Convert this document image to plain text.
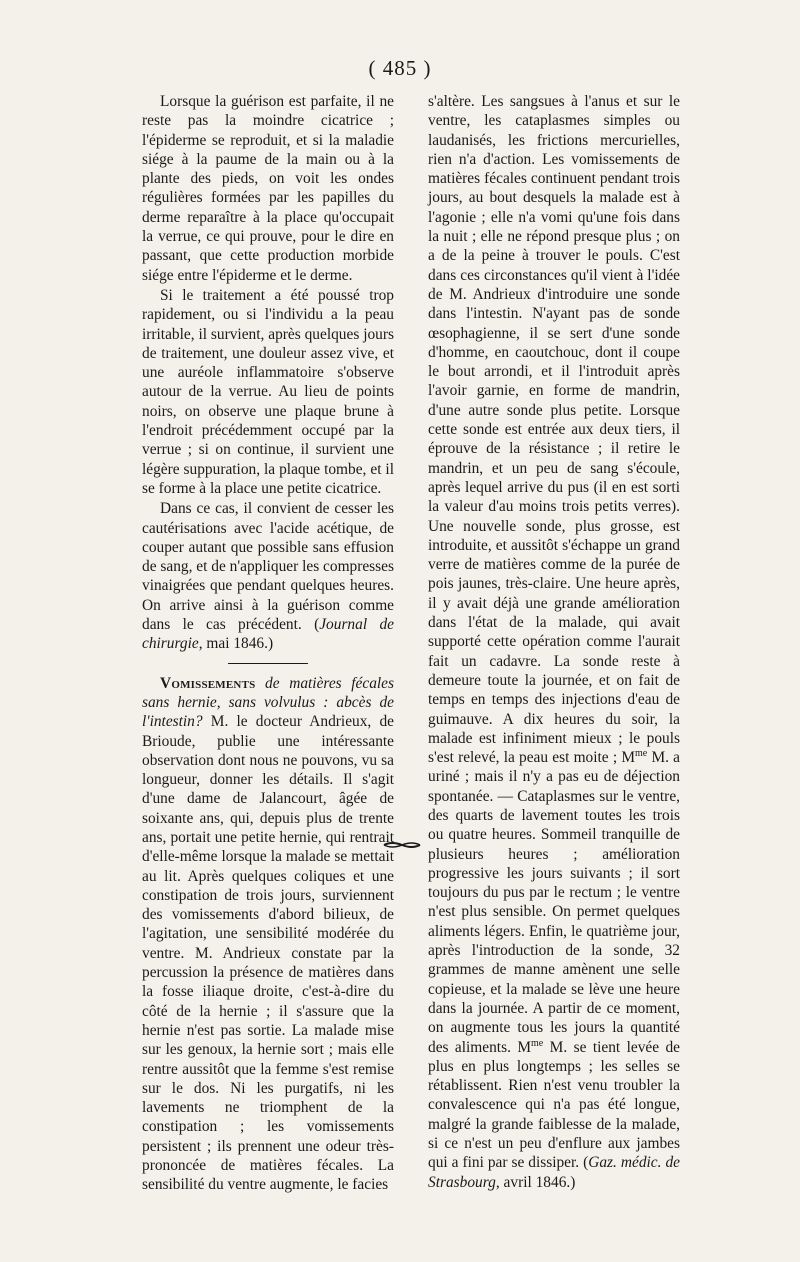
( 485 )

Lorsque la guérison est parfaite, il ne reste pas la moindre cicatrice ; l'épiderme se reproduit, et si la maladie siége à la paume de la main ou à la plante des pieds, on voit les ondes régulières formées par les papilles du derme reparaître à la place qu'occupait la verrue, ce qui prouve, pour le dire en passant, que cette production morbide siége entre l'épiderme et le derme.

Si le traitement a été poussé trop rapidement, ou si l'individu a la peau irritable, il survient, après quelques jours de traitement, une douleur assez vive, et une auréole inflammatoire s'observe autour de la verrue. Au lieu de points noirs, on observe une plaque brune à l'endroit précédemment occupé par la verrue ; si on continue, il survient une légère suppuration, la plaque tombe, et il se forme à la place une petite cicatrice.

Dans ce cas, il convient de cesser les cautérisations avec l'acide acétique, de couper autant que possible sans effusion de sang, et de n'appliquer les compresses vinaigrées que pendant quelques heures. On arrive ainsi à la guérison comme dans le cas précédent. (Journal de chirurgie, mai 1846.)

Vomissements de matières fécales sans hernie, sans volvulus : abcès de l'intestin? M. le docteur Andrieux, de Brioude, publie une intéressante observation dont nous ne pouvons, vu sa longueur, donner les détails. Il s'agit d'une dame de Jalancourt, âgée de soixante ans, qui, depuis plus de trente ans, portait une petite hernie, qui rentrait d'elle-même lorsque la malade se mettait au lit. Après quelques coliques et une constipation de trois jours, surviennent des vomissements d'abord bilieux, de l'agitation, une sensibilité modérée du ventre. M. Andrieux constate par la percussion la présence de matières dans la fosse iliaque droite, c'est-à-dire du côté de la hernie ; il s'assure que la hernie n'est pas sortie. La malade mise sur les genoux, la hernie sort ; mais elle rentre aussitôt que la femme s'est remise sur le dos. Ni les purgatifs, ni les lavements ne triomphent de la constipation ; les vomissements persistent ; ils prennent une odeur très-prononcée de matières fécales. La sensibilité du ventre augmente, le facies

s'altère. Les sangsues à l'anus et sur le ventre, les cataplasmes simples ou laudanisés, les frictions mercurielles, rien n'a d'action. Les vomissements de matières fécales continuent pendant trois jours, au bout desquels la malade est à l'agonie ; elle n'a vomi qu'une fois dans la nuit ; elle ne répond presque plus ; on a de la peine à trouver le pouls. C'est dans ces circonstances qu'il vient à l'idée de M. Andrieux d'introduire une sonde dans l'intestin. N'ayant pas de sonde œsophagienne, il se sert d'une sonde d'homme, en caoutchouc, dont il coupe le bout arrondi, et il l'introduit après l'avoir garnie, en forme de mandrin, d'une autre sonde plus petite. Lorsque cette sonde est entrée aux deux tiers, il éprouve de la résistance ; il retire le mandrin, et un peu de sang s'écoule, après lequel arrive du pus (il en est sorti la valeur d'au moins trois petits verres). Une nouvelle sonde, plus grosse, est introduite, et aussitôt s'échappe un grand verre de matières comme de la purée de pois jaunes, très-claire. Une heure après, il y avait déjà une grande amélioration dans l'état de la malade, qui avait supporté cette opération comme l'aurait fait un cadavre. La sonde reste à demeure toute la journée, et on fait de temps en temps des injections d'eau de guimauve. A dix heures du soir, la malade est infiniment mieux ; le pouls s'est relevé, la peau est moite ; $M^{me}$ M. a uriné ; mais il n'y a pas eu de déjection spontanée. — Cataplasmes sur le ventre, des quarts de lavement toutes les trois ou quatre heures. Sommeil tranquille de plusieurs heures ; amélioration progressive les jours suivants ; il sort toujours du pus par le rectum ; le ventre n'est plus sensible. On permet quelques aliments légers. Enfin, le quatrième jour, après l'introduction de la sonde, 32 grammes de manne amènent une selle copieuse, et la malade se lève une heure dans la journée. A partir de ce moment, on augmente tous les jours la quantité des aliments. $M^{me}$ M. se tient levée de plus en plus longtemps ; les selles se rétablissent. Rien n'est venu troubler la convalescence qui n'a pas été longue, malgré la grande faiblesse de la malade, si ce n'est un peu d'enflure aux jambes qui a fini par se dissiper. (Gaz. médic. de Strasbourg, avril 1846.)
